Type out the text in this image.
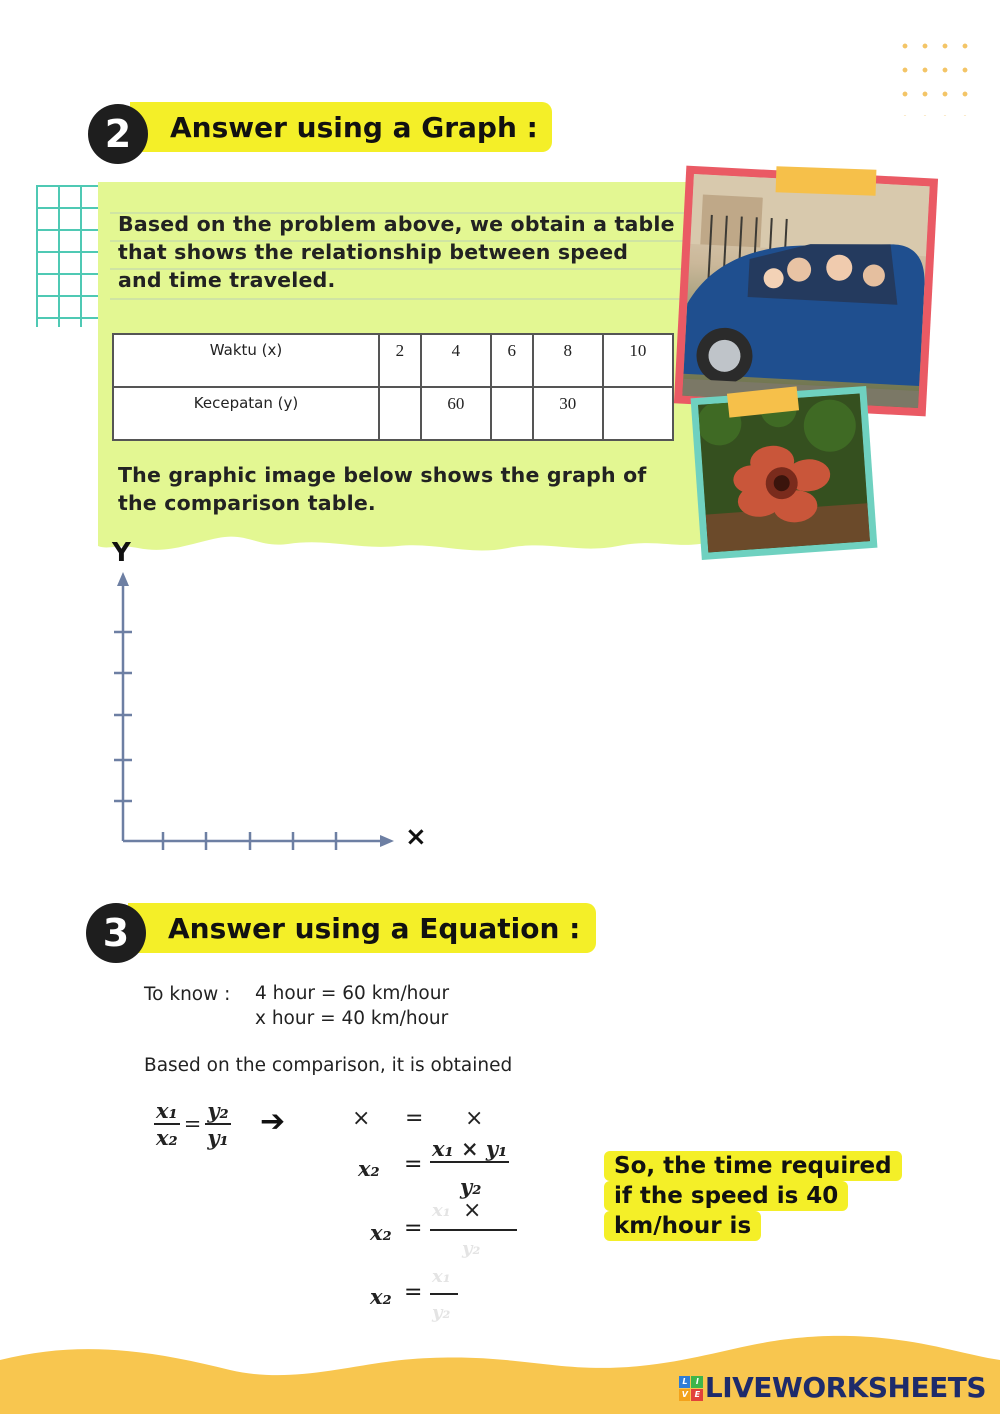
Answer using a Graph :
2
Based on the problem above, we obtain a table that shows the relationship between speed and time traveled.
Waktu (x)	2	4	6	8	10
Kecepatan (y)		60		30	
The graphic image below shows the graph of the comparison table.
Y
×
Answer using a Equation :
3
To know : 4 hour = 60 km/hour
x hour = 40 km/hour
Based on the comparison, it is obtained
$\frac{\text{x₁}}{\text{x₂}} = \frac{\text{y₂}}{\text{y₁}}$ ➔	× = ×
x₂ =
x₁ × y₁
y₂
x₂ =
×
x₁
y₂
x₂ =
x₁
y₂
So, the time required if the speed is 40 km/hour is
L	I
V E LIVEWORKSHEETS
